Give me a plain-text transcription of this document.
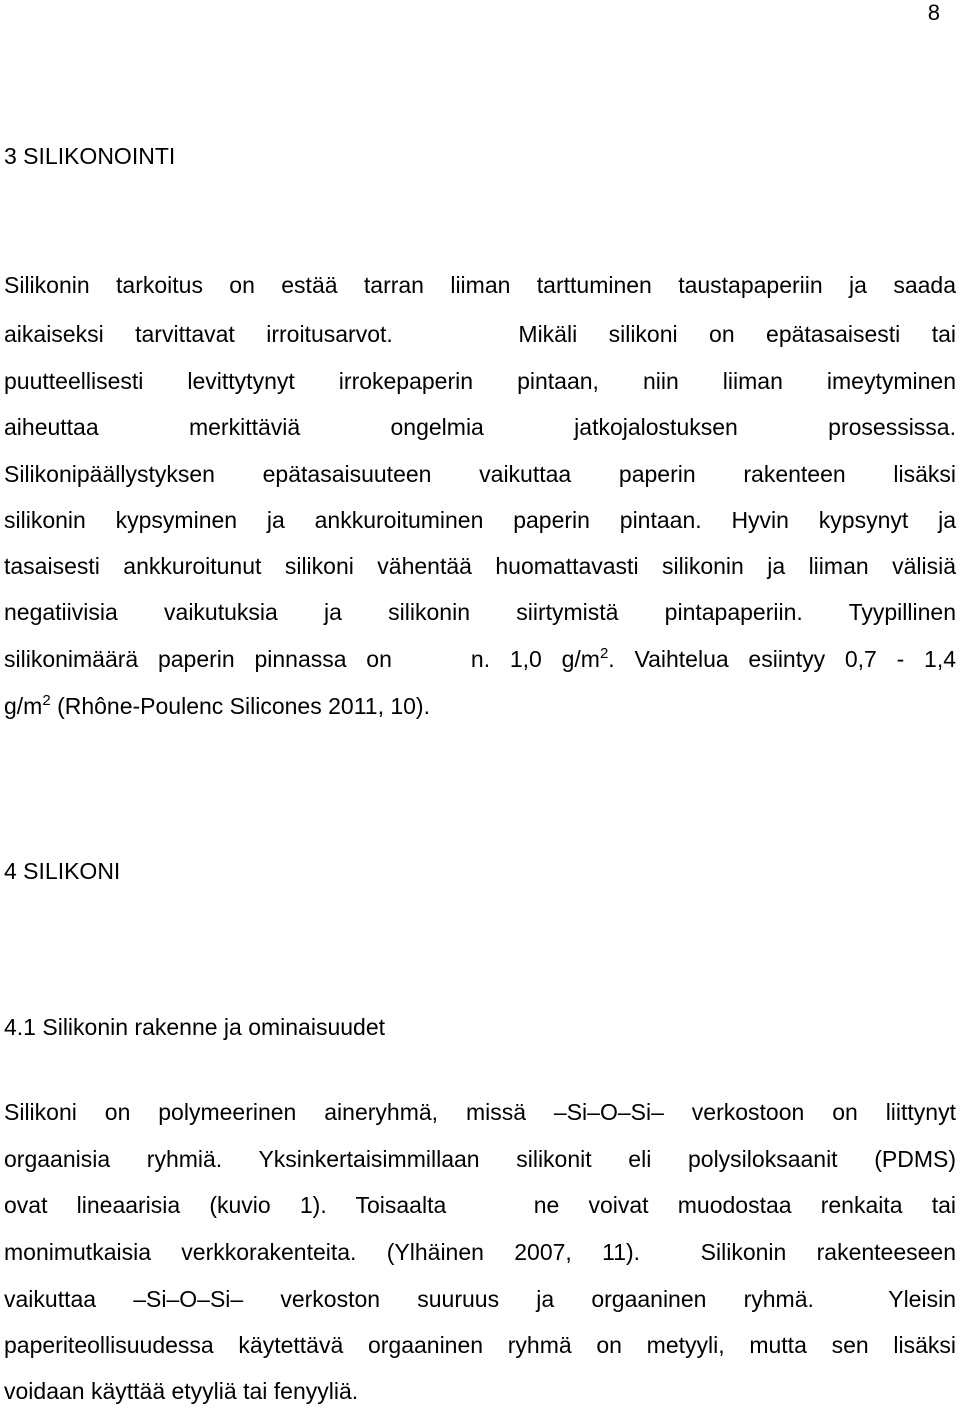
8
3 SILIKONOINTI
Silikonin tarkoitus on estää tarran liiman tarttuminen taustapaperiin ja saada
aikaiseksi tarvittavat irroitusarvot.    Mikäli silikoni on epätasaisesti tai
puutteellisesti levittytynyt irrokepaperin pintaan, niin liiman imeytyminen
aiheuttaa merkittäviä ongelmia jatkojalostuksen prosessissa.
Silikonipäällystyksen epätasaisuuteen vaikuttaa paperin rakenteen lisäksi
silikonin kypsyminen ja ankkuroituminen paperin pintaan. Hyvin kypsynyt ja
tasaisesti ankkuroitunut silikoni vähentää huomattavasti silikonin ja liiman välisiä
negatiivisia vaikutuksia ja silikonin siirtymistä pintapaperiin. Tyypillinen
silikonimäärä paperin pinnassa on    n. 1,0 $g/m^2$. Vaihtelua esiintyy 0,7 - 1,4
$g/m^2$ (Rhône-Poulenc Silicones 2011, 10).
4 SILIKONI
4.1 Silikonin rakenne ja ominaisuudet
Silikoni on polymeerinen aineryhmä, missä –Si–O–Si– verkostoon on liittynyt
orgaanisia ryhmiä. Yksinkertaisimmillaan silikonit eli polysiloksaanit (PDMS)
ovat lineaarisia (kuvio 1). Toisaalta   ne voivat muodostaa renkaita tai
monimutkaisia verkkorakenteita. (Ylhäinen 2007, 11).  Silikonin rakenteeseen
vaikuttaa –Si–O–Si– verkoston suuruus ja orgaaninen ryhmä.  Yleisin
paperiteollisuudessa käytettävä orgaaninen ryhmä on metyyli, mutta sen lisäksi
voidaan käyttää etyyliä tai fenyyliä.
